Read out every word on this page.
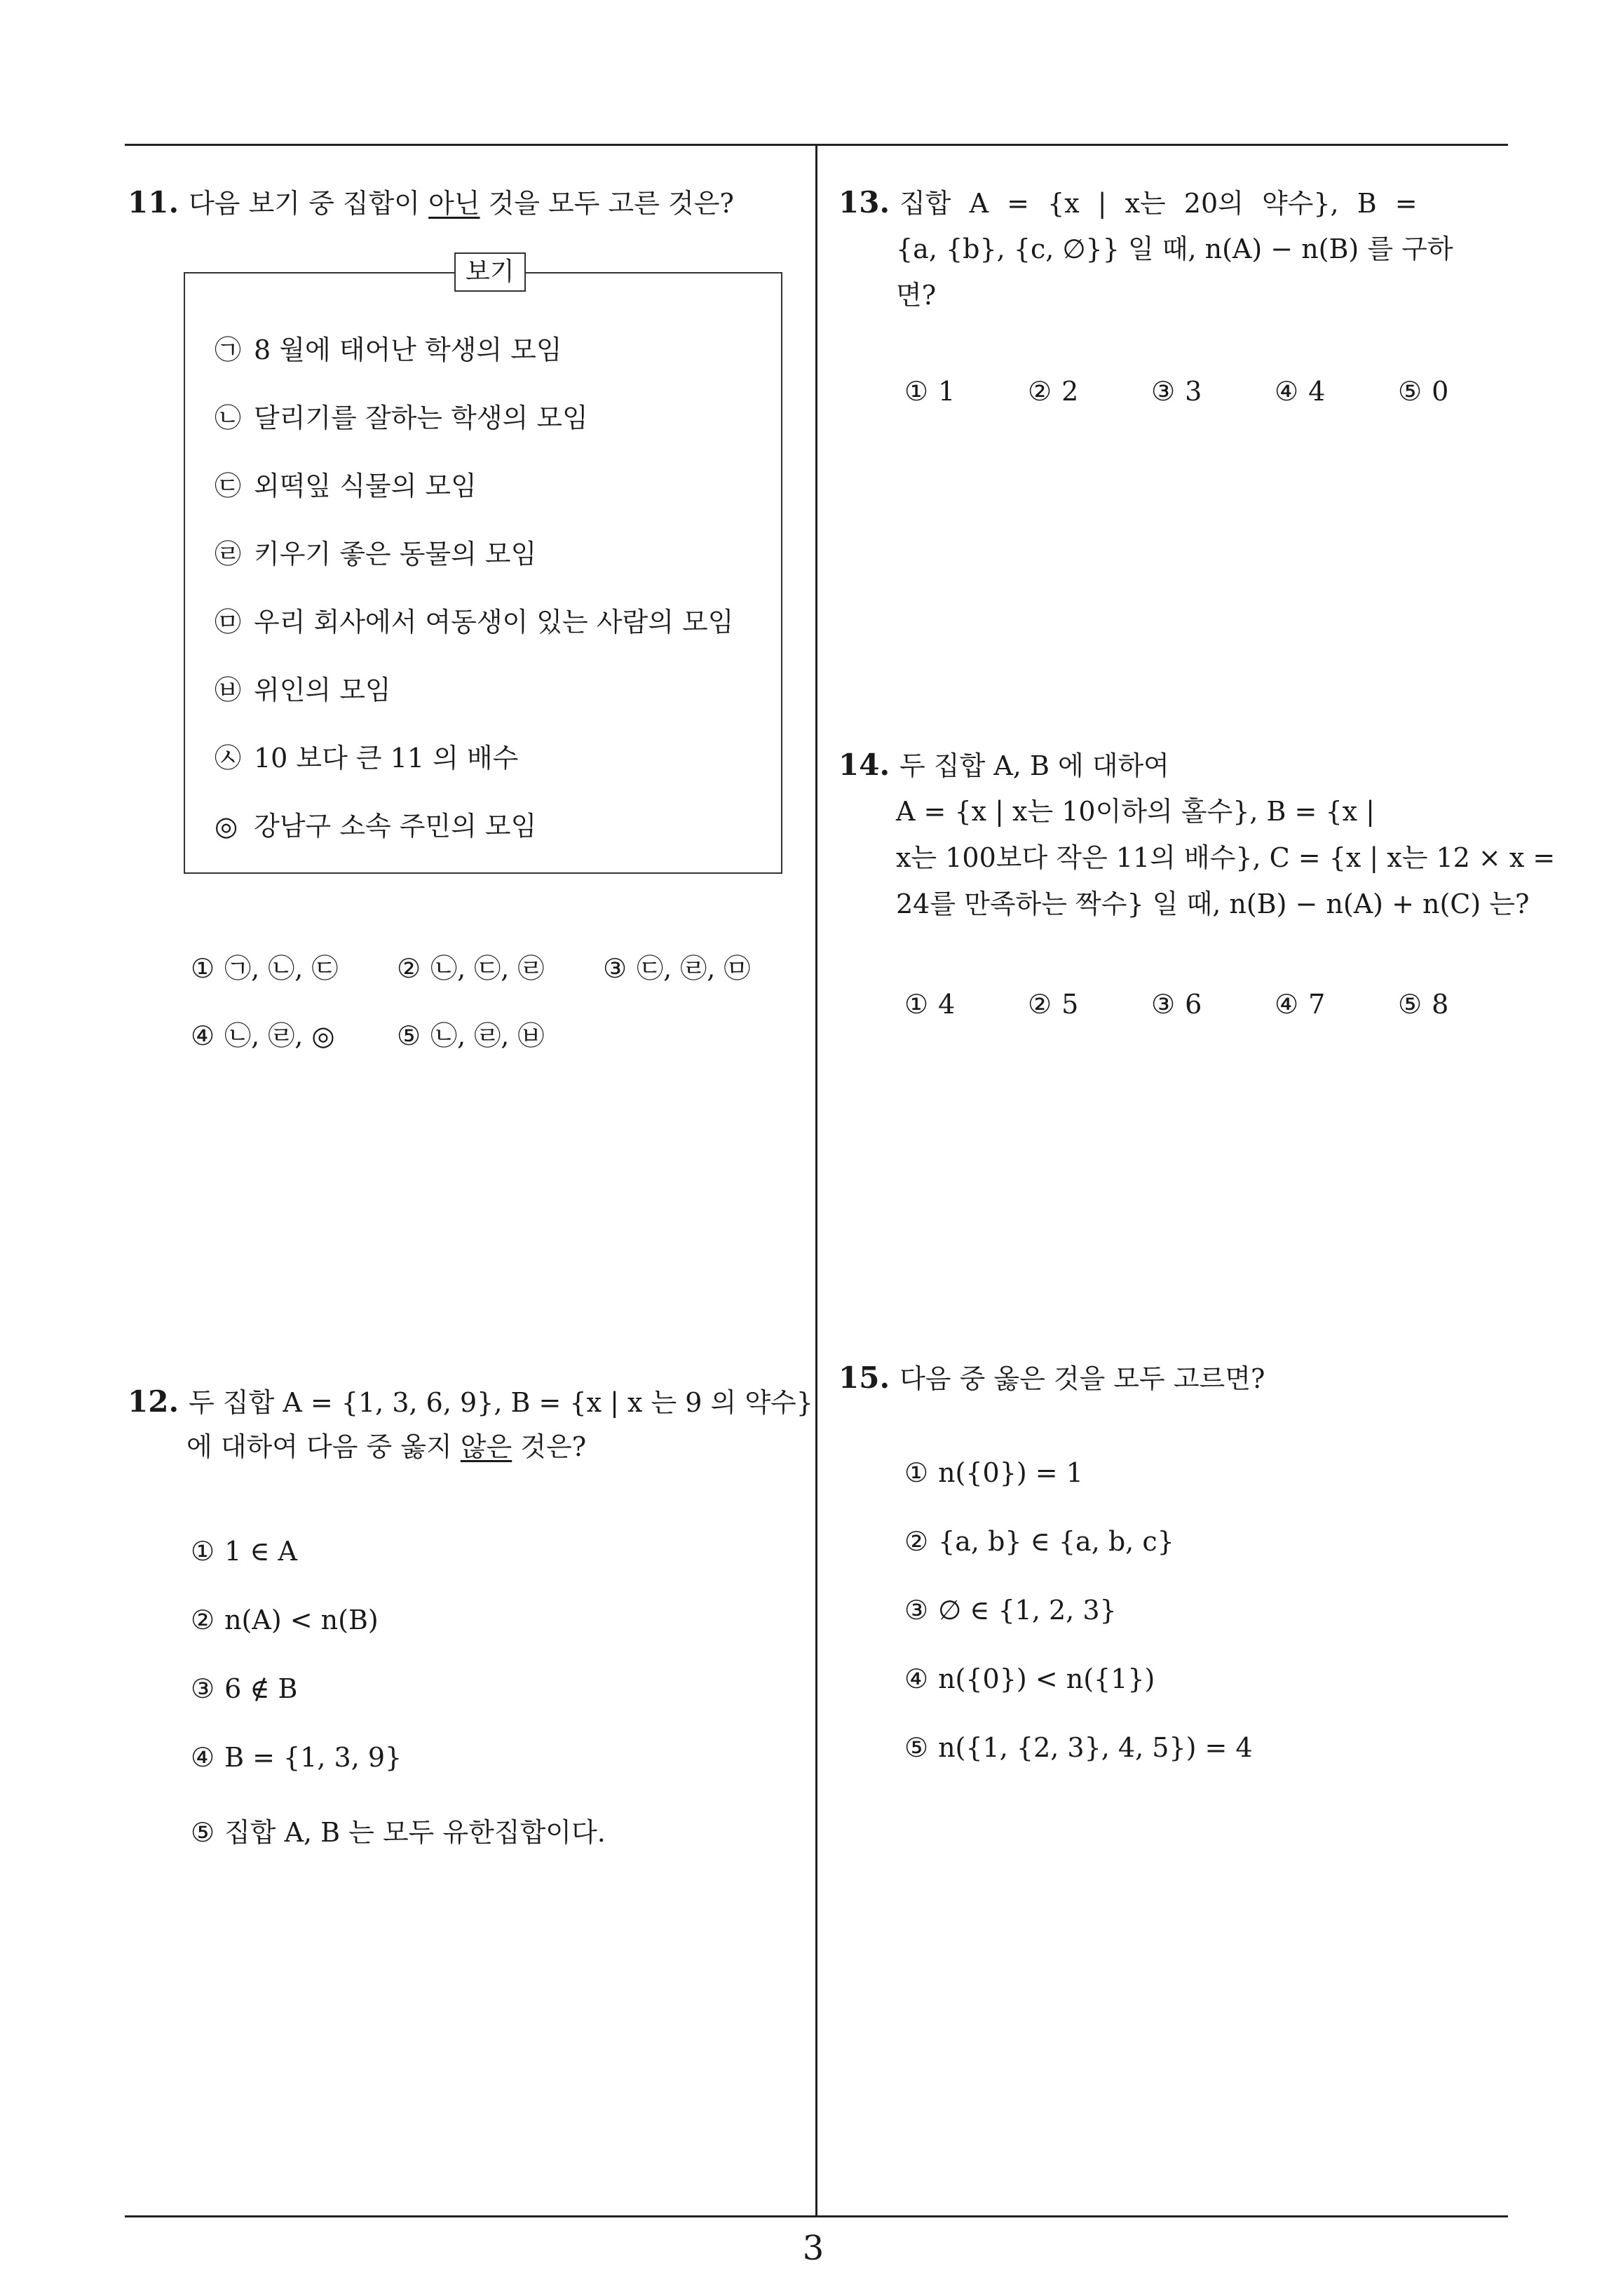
3
11. 다음 보기 중 집합이 아닌 것을 모두 고른 것은?
보기
㉠ 8 월에 태어난 학생의 모임
㉡ 달리기를 잘하는 학생의 모임
㉢ 외떡잎 식물의 모임
㉣ 키우기 좋은 동물의 모임
㉤ 우리 회사에서 여동생이 있는 사람의 모임
㉥ 위인의 모임
㉦ 10 보다 큰 11 의 배수
◎ 강남구 소속 주민의 모임
① ㉠, ㉡, ㉢ ② ㉡, ㉢, ㉣ ③ ㉢, ㉣, ㉤
④ ㉡, ㉣, ◎ ⑤ ㉡, ㉣, ㉥
12. 두 집합 A = {1, 3, 6, 9}, B = {x | x 는 9 의 약수}
에 대하여 다음 중 옳지 않은 것은?
① 1 ∈ A
② n(A) < n(B)
③ 6 ∉ B
④ B = {1, 3, 9}
⑤ 집합 A, B 는 모두 유한집합이다.
13. 집합 A = {x | x는 20의 약수}, B =
{a, {b}, {c, ∅}} 일 때, n(A) − n(B) 를 구하
면?
① 1	② 2	③ 3	④ 4	⑤ 0
14. 두 집합 A, B 에 대하여
A = {x | x는 10이하의 홀수}, B = {x |
x는 100보다 작은 11의 배수}, C = {x | x는 12 × x =
24를 만족하는 짝수} 일 때, n(B) − n(A) + n(C) 는?
① 4	② 5	③ 6	④ 7	⑤ 8
15. 다음 중 옳은 것을 모두 고르면?
① n({0}) = 1
② {a, b} ∈ {a, b, c}
③ ∅ ∈ {1, 2, 3}
④ n({0}) < n({1})
⑤ n({1, {2, 3}, 4, 5}) = 4
